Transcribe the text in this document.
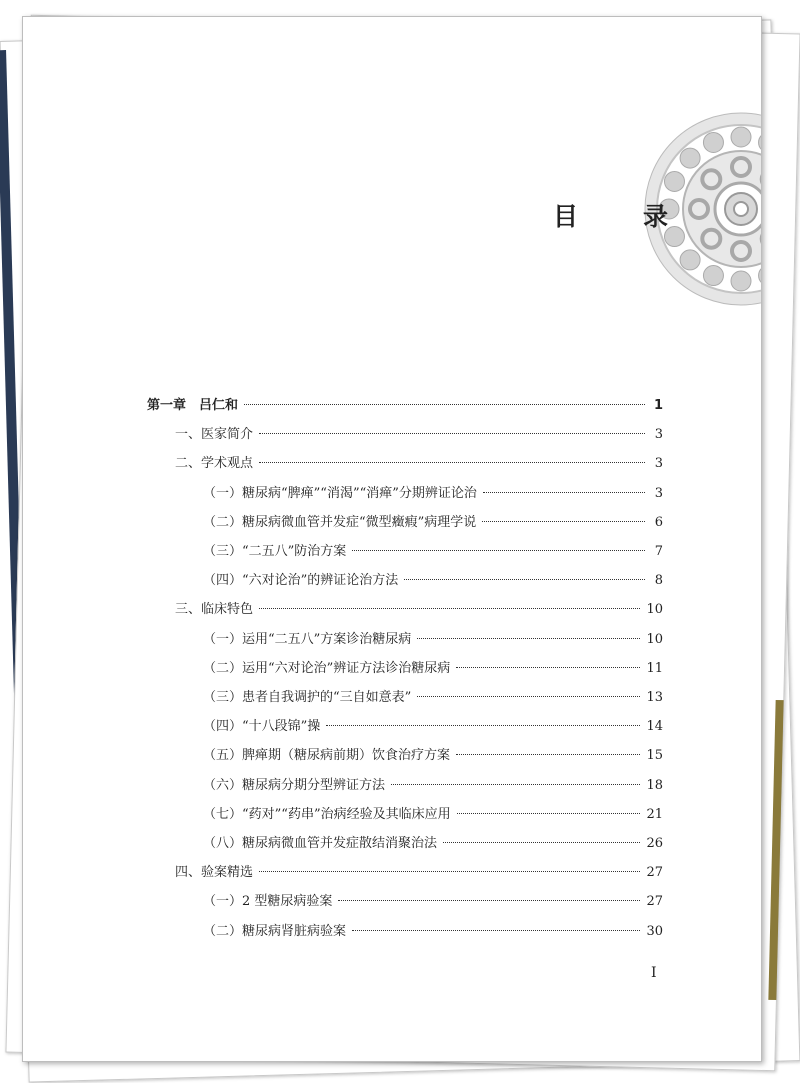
目　录
第一章　吕仁和	1
一、医家简介	3
二、学术观点	3
（一）糖尿病“脾瘅”“消渴”“消瘅”分期辨证论治	3
（二）糖尿病微血管并发症“微型癥瘕”病理学说	6
（三）“二五八”防治方案	7
（四）“六对论治”的辨证论治方法	8
三、临床特色	10
（一）运用“二五八”方案诊治糖尿病	10
（二）运用“六对论治”辨证方法诊治糖尿病	11
（三）患者自我调护的“三自如意表”	13
（四）“十八段锦”操	14
（五）脾瘅期（糖尿病前期）饮食治疗方案	15
（六）糖尿病分期分型辨证方法	18
（七）“药对”“药串”治病经验及其临床应用	21
（八）糖尿病微血管并发症散结消聚治法	26
四、验案精选	27
（一）2 型糖尿病验案	27
（二）糖尿病肾脏病验案	30
I
